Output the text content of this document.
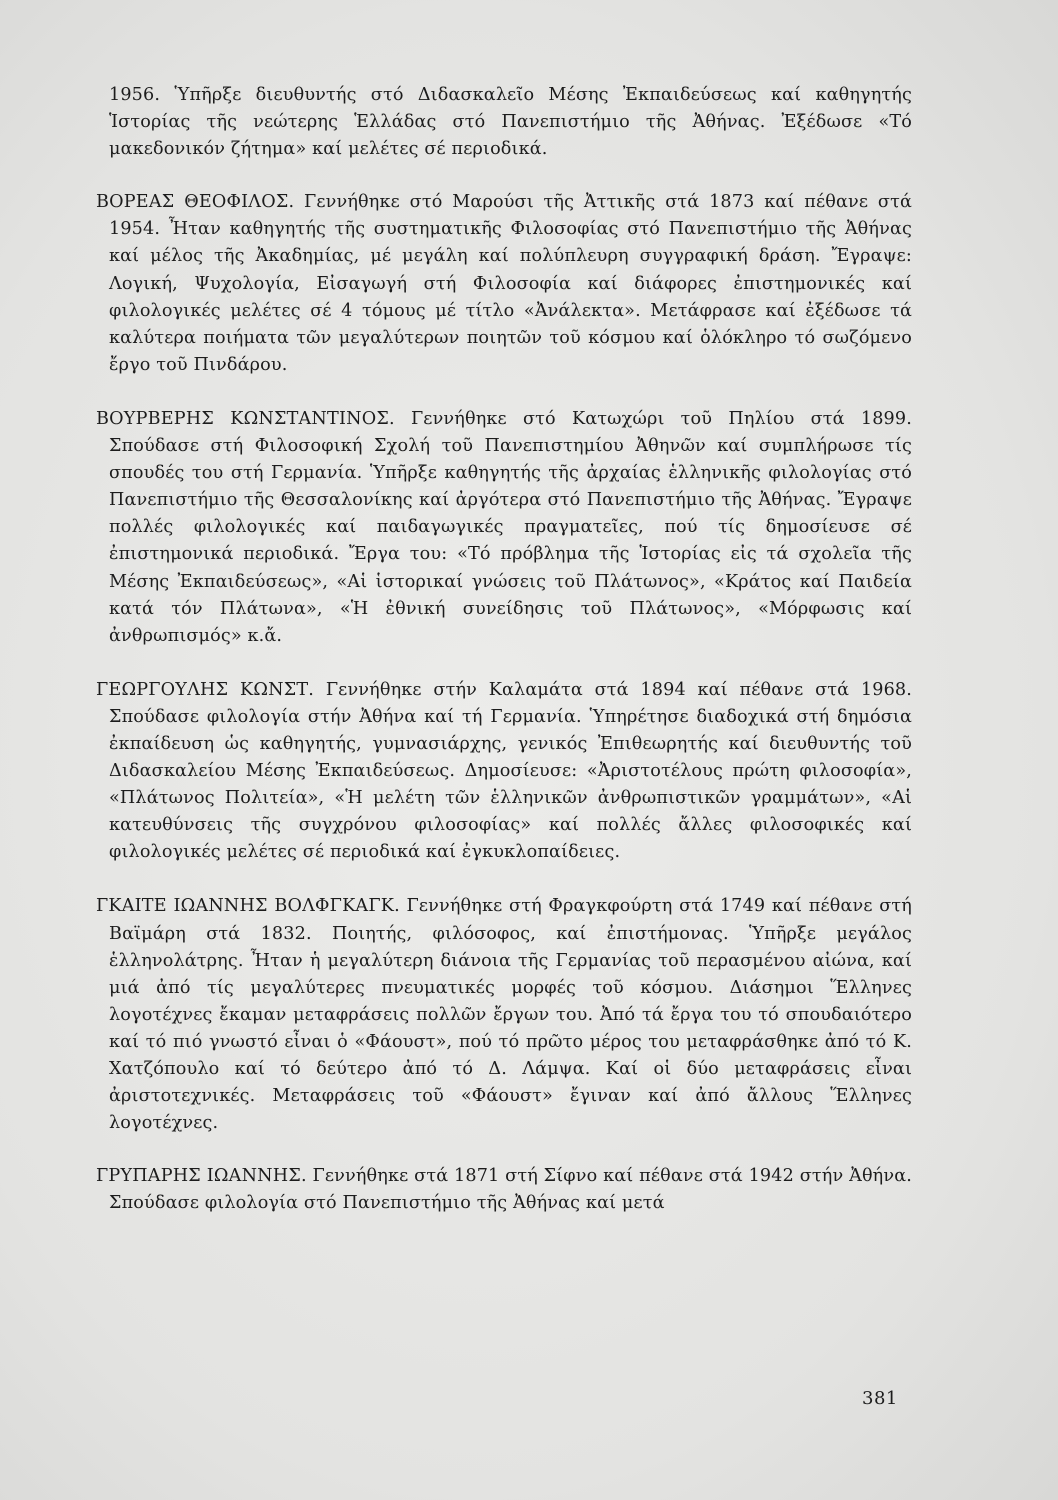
1956. Ὑπῆρξε διευθυντής στό Διδασκαλεῖο Μέσης Ἐκπαιδεύσεως καί καθηγητής Ἱστορίας τῆς νεώτερης Ἑλλάδας στό Πανεπιστήμιο τῆς Ἀθήνας. Ἐξέδωσε «Τό μακεδονικόν ζήτημα» καί μελέτες σέ περιοδικά.

ΒΟΡΕΑΣ ΘΕΟΦΙΛΟΣ. Γεννήθηκε στό Μαρούσι τῆς Ἀττικῆς στά 1873 καί πέθανε στά 1954. Ἦταν καθηγητής τῆς συστηματικῆς Φιλοσοφίας στό Πανεπιστήμιο τῆς Ἀθήνας καί μέλος τῆς Ἀκαδημίας, μέ μεγάλη καί πολύπλευρη συγγραφική δράση. Ἔγραψε: Λογική, Ψυχολογία, Εἰσαγωγή στή Φιλοσοφία καί διάφορες ἐπιστημονικές καί φιλολογικές μελέτες σέ 4 τόμους μέ τίτλο «Ἀνάλεκτα». Μετάφρασε καί ἐξέδωσε τά καλύτερα ποιήματα τῶν μεγαλύτερων ποιητῶν τοῦ κόσμου καί ὁλόκληρο τό σωζόμενο ἔργο τοῦ Πινδάρου.

ΒΟΥΡΒΕΡΗΣ ΚΩΝΣΤΑΝΤΙΝΟΣ. Γεννήθηκε στό Κατωχώρι τοῦ Πηλίου στά 1899. Σπούδασε στή Φιλοσοφική Σχολή τοῦ Πανεπιστημίου Ἀθηνῶν καί συμπλήρωσε τίς σπουδές του στή Γερμανία. Ὑπῆρξε καθηγητής τῆς ἀρχαίας ἑλληνικῆς φιλολογίας στό Πανεπιστήμιο τῆς Θεσσαλονίκης καί ἀργότερα στό Πανεπιστήμιο τῆς Ἀθήνας. Ἔγραψε πολλές φιλολογικές καί παιδαγωγικές πραγματεῖες, πού τίς δημοσίευσε σέ ἐπιστημονικά περιοδικά. Ἔργα του: «Τό πρόβλημα τῆς Ἱστορίας εἰς τά σχολεῖα τῆς Μέσης Ἐκπαιδεύσεως», «Αἱ ἱστορικαί γνώσεις τοῦ Πλάτωνος», «Κράτος καί Παιδεία κατά τόν Πλάτωνα», «Ἡ ἐθνική συνείδησις τοῦ Πλάτωνος», «Μόρφωσις καί ἀνθρωπισμός» κ.ἄ.

ΓΕΩΡΓΟΥΛΗΣ ΚΩΝΣΤ. Γεννήθηκε στήν Καλαμάτα στά 1894 καί πέθανε στά 1968. Σπούδασε φιλολογία στήν Ἀθήνα καί τή Γερμανία. Ὑπηρέτησε διαδοχικά στή δημόσια ἐκπαίδευση ὡς καθηγητής, γυμνασιάρχης, γενικός Ἐπιθεωρητής καί διευθυντής τοῦ Διδασκαλείου Μέσης Ἐκπαιδεύσεως. Δημοσίευσε: «Ἀριστοτέλους πρώτη φιλοσοφία», «Πλάτωνος Πολιτεία», «Ἡ μελέτη τῶν ἑλληνικῶν ἀνθρωπιστικῶν γραμμάτων», «Αἱ κατευθύνσεις τῆς συγχρόνου φιλοσοφίας» καί πολλές ἄλλες φιλοσοφικές καί φιλολογικές μελέτες σέ περιοδικά καί ἐγκυκλοπαίδειες.

ΓΚΑΙΤΕ ΙΩΑΝΝΗΣ ΒΟΛΦΓΚΑΓΚ. Γεννήθηκε στή Φραγκφούρτη στά 1749 καί πέθανε στή Βαϊμάρη στά 1832. Ποιητής, φιλόσοφος, καί ἐπιστήμονας. Ὑπῆρξε μεγάλος ἑλληνολάτρης. Ἦταν ἡ μεγαλύτερη διάνοια τῆς Γερμανίας τοῦ περασμένου αἰώνα, καί μιά ἀπό τίς μεγαλύτερες πνευματικές μορφές τοῦ κόσμου. Διάσημοι Ἕλληνες λογοτέχνες ἔκαμαν μεταφράσεις πολλῶν ἔργων του. Ἀπό τά ἔργα του τό σπουδαιότερο καί τό πιό γνωστό εἶναι ὁ «Φάουστ», πού τό πρῶτο μέρος του μεταφράσθηκε ἀπό τό Κ. Χατζόπουλο καί τό δεύτερο ἀπό τό Δ. Λάμψα. Καί οἱ δύο μεταφράσεις εἶναι ἀριστοτεχνικές. Μεταφράσεις τοῦ «Φάουστ» ἔγιναν καί ἀπό ἄλλους Ἕλληνες λογοτέχνες.

ΓΡΥΠΑΡΗΣ ΙΩΑΝΝΗΣ. Γεννήθηκε στά 1871 στή Σίφνο καί πέθανε στά 1942 στήν Ἀθήνα. Σπούδασε φιλολογία στό Πανεπιστήμιο τῆς Ἀθήνας καί μετά

381
